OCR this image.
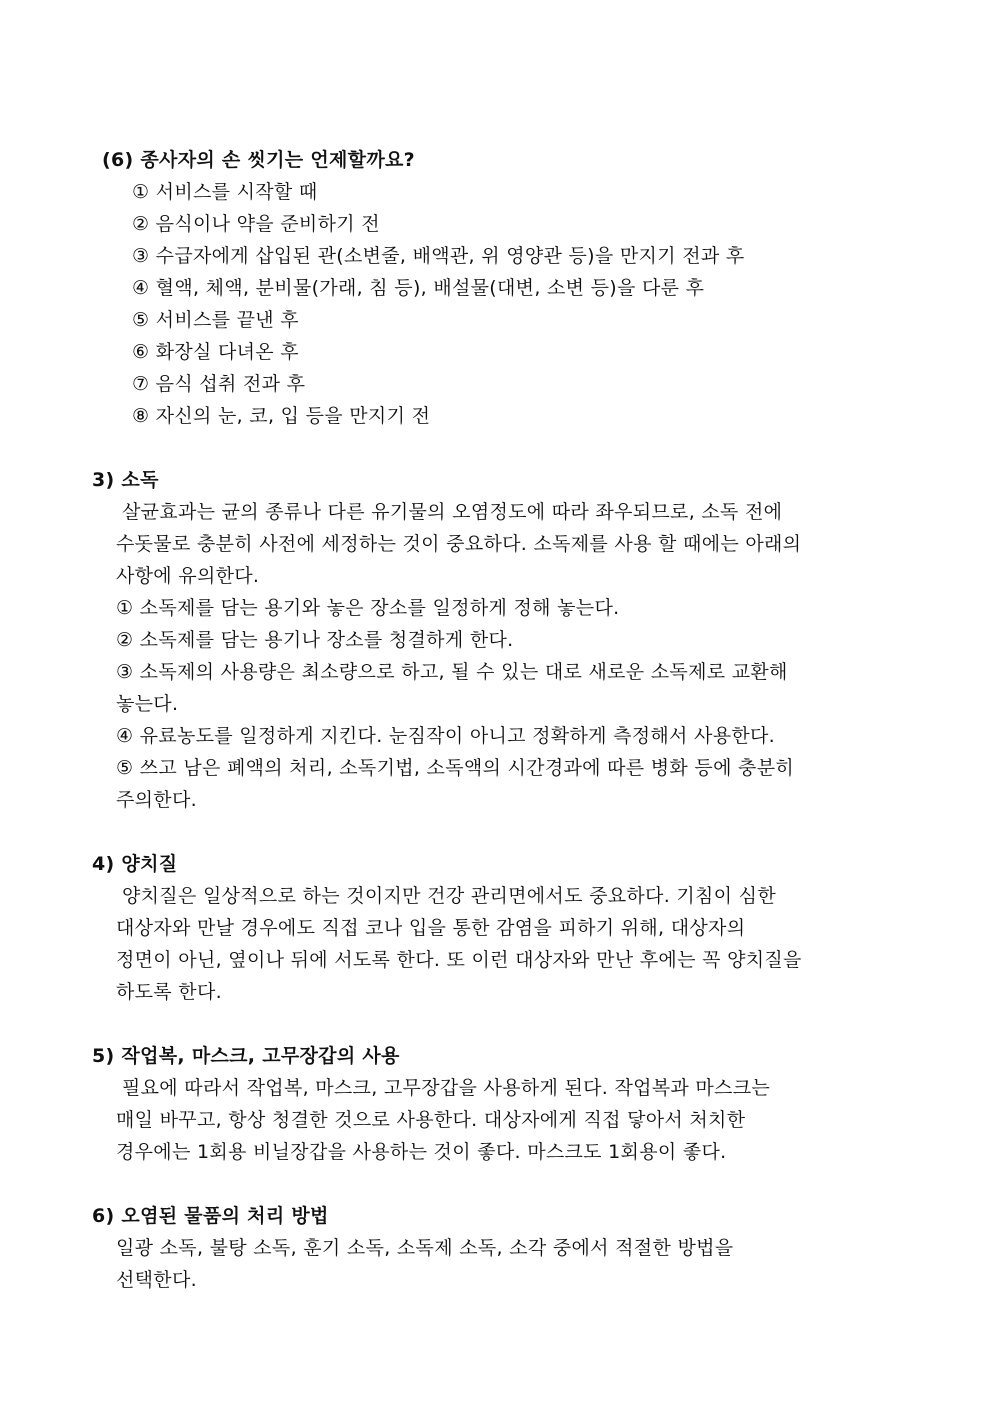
(6) 종사자의 손 씻기는 언제할까요?
① 서비스를 시작할 때
② 음식이나 약을 준비하기 전
③ 수급자에게 삽입된 관(소변줄, 배액관, 위 영양관 등)을 만지기 전과 후
④ 혈액, 체액, 분비물(가래, 침 등), 배설물(대변, 소변 등)을 다룬 후
⑤ 서비스를 끝낸 후
⑥ 화장실 다녀온 후
⑦ 음식 섭취 전과 후
⑧ 자신의 눈, 코, 입 등을 만지기 전
3) 소독
살균효과는 균의 종류나 다른 유기물의 오염정도에 따라 좌우되므로, 소독 전에
수돗물로 충분히 사전에 세정하는 것이 중요하다. 소독제를 사용 할 때에는 아래의
사항에 유의한다.
① 소독제를 담는 용기와 놓은 장소를 일정하게 정해 놓는다.
② 소독제를 담는 용기나 장소를 청결하게 한다.
③ 소독제의 사용량은 최소량으로 하고, 될 수 있는 대로 새로운 소독제로 교환해
놓는다.
④ 유료농도를 일정하게 지킨다. 눈짐작이 아니고 정확하게 측정해서 사용한다.
⑤ 쓰고 남은 폐액의 처리, 소독기법, 소독액의 시간경과에 따른 병화 등에 충분히
주의한다.
4) 양치질
양치질은 일상적으로 하는 것이지만 건강 관리면에서도 중요하다. 기침이 심한
대상자와 만날 경우에도 직접 코나 입을 통한 감염을 피하기 위해, 대상자의
정면이 아닌, 옆이나 뒤에 서도록 한다. 또 이런 대상자와 만난 후에는 꼭 양치질을
하도록 한다.
5) 작업복, 마스크, 고무장갑의 사용
필요에 따라서 작업복, 마스크, 고무장갑을 사용하게 된다. 작업복과 마스크는
매일 바꾸고, 항상 청결한 것으로 사용한다. 대상자에게 직접 닿아서 처치한
경우에는 1회용 비닐장갑을 사용하는 것이 좋다. 마스크도 1회용이 좋다.
6) 오염된 물품의 처리 방법
일광 소독, 불탕 소독, 훈기 소독, 소독제 소독, 소각 중에서 적절한 방법을
선택한다.
